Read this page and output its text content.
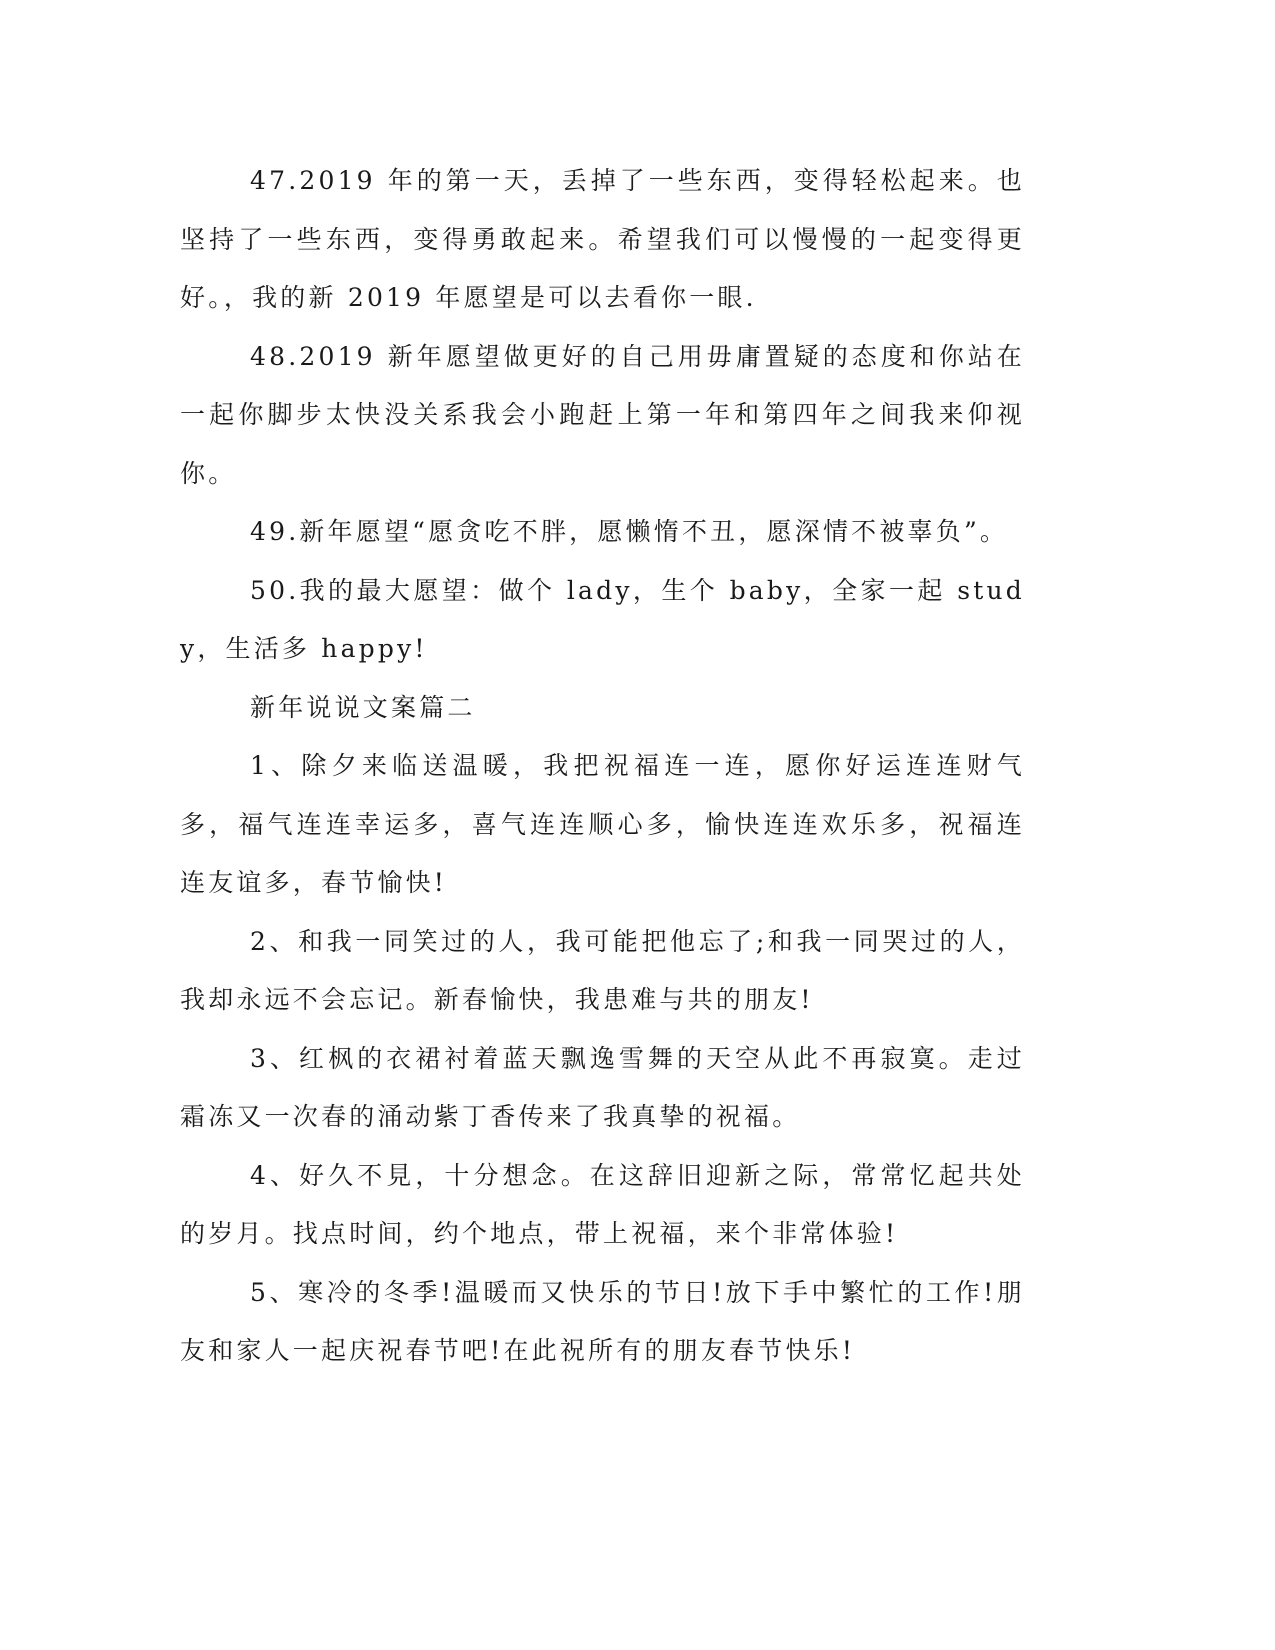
47.2019 年的第一天，丢掉了一些东西，变得轻松起来。也坚持了一些东西，变得勇敢起来。希望我们可以慢慢的一起变得更好。，我的新 2019 年愿望是可以去看你一眼.

48.2019 新年愿望做更好的自己用毋庸置疑的态度和你站在一起你脚步太快没关系我会小跑赶上第一年和第四年之间我来仰视你。

49.新年愿望“愿贪吃不胖，愿懒惰不丑，愿深情不被辜负”。

50.我的最大愿望：做个 lady，生个 baby，全家一起 study，生活多 happy!

新年说说文案篇二

1、除夕来临送温暖，我把祝福连一连，愿你好运连连财气多，福气连连幸运多，喜气连连顺心多，愉快连连欢乐多，祝福连连友谊多，春节愉快!

2、和我一同笑过的人，我可能把他忘了;和我一同哭过的人，我却永远不会忘记。新春愉快，我患难与共的朋友!

3、红枫的衣裙衬着蓝天飘逸雪舞的天空从此不再寂寞。走过霜冻又一次春的涌动紫丁香传来了我真挚的祝福。

4、好久不見，十分想念。在这辞旧迎新之际，常常忆起共处的岁月。找点时间，约个地点，带上祝福，来个非常体验!

5、寒冷的冬季!温暖而又快乐的节日!放下手中繁忙的工作!朋友和家人一起庆祝春节吧!在此祝所有的朋友春节快乐!
